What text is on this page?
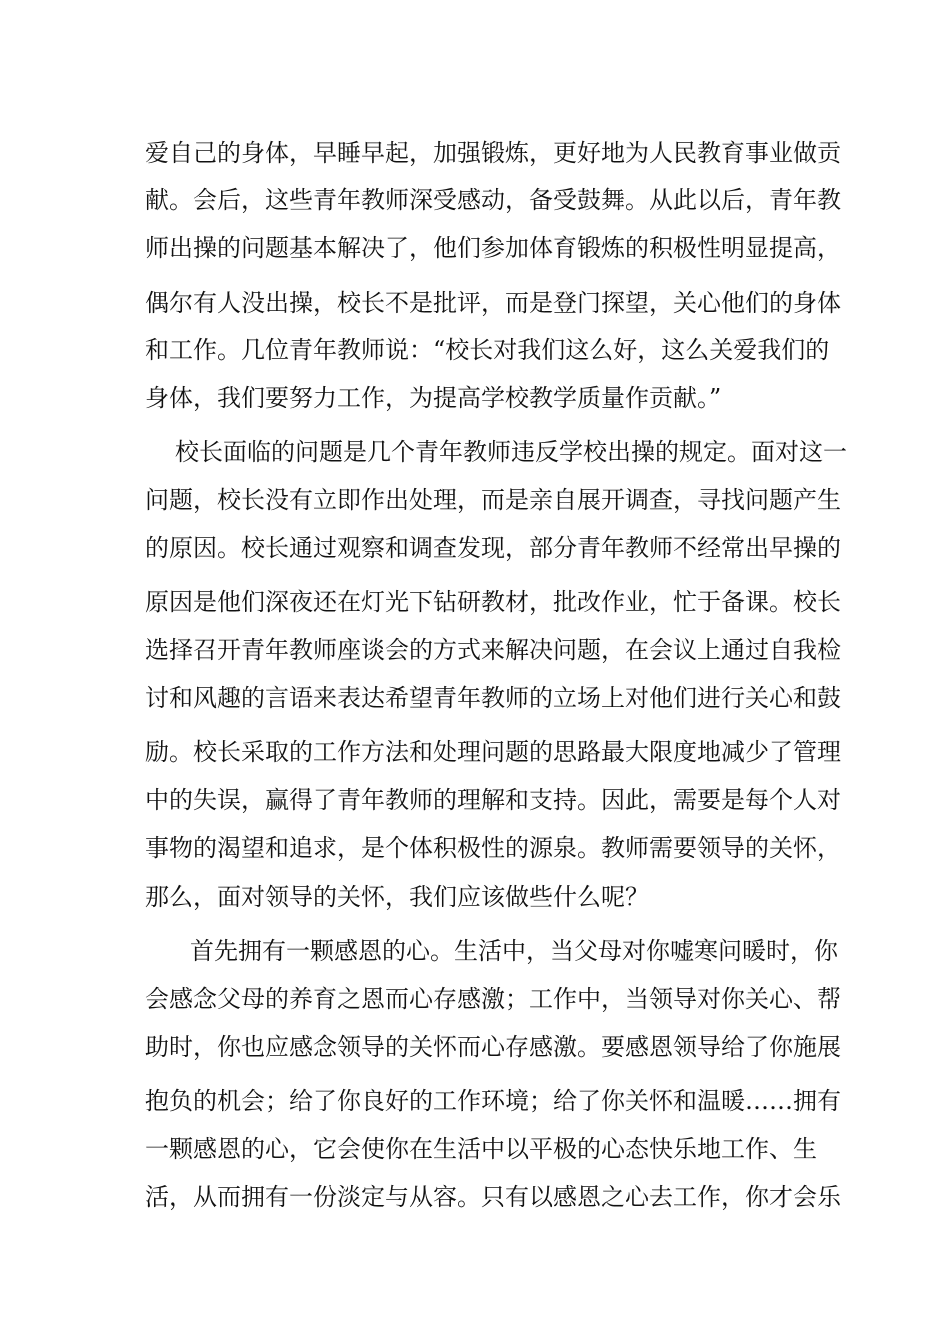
爱自己的身体，早睡早起，加强锻炼，更好地为人民教育事业做贡
献。会后，这些青年教师深受感动，备受鼓舞。从此以后，青年教
师出操的问题基本解决了，他们参加体育锻炼的积极性明显提高，
偶尔有人没出操，校长不是批评，而是登门探望，关心他们的身体
和工作。几位青年教师说：“校长对我们这么好，这么关爱我们的
身体，我们要努力工作，为提高学校教学质量作贡献。”
校长面临的问题是几个青年教师违反学校出操的规定。面对这一
问题，校长没有立即作出处理，而是亲自展开调查，寻找问题产生
的原因。校长通过观察和调查发现，部分青年教师不经常出早操的
原因是他们深夜还在灯光下钻研教材，批改作业，忙于备课。校长
选择召开青年教师座谈会的方式来解决问题，在会议上通过自我检
讨和风趣的言语来表达希望青年教师的立场上对他们进行关心和鼓
励。校长采取的工作方法和处理问题的思路最大限度地减少了管理
中的失误，赢得了青年教师的理解和支持。因此，需要是每个人对
事物的渴望和追求，是个体积极性的源泉。教师需要领导的关怀，
那么，面对领导的关怀，我们应该做些什么呢？
首先拥有一颗感恩的心。生活中，当父母对你嘘寒问暖时，你
会感念父母的养育之恩而心存感激；工作中，当领导对你关心、帮
助时，你也应感念领导的关怀而心存感激。要感恩领导给了你施展
抱负的机会；给了你良好的工作环境；给了你关怀和温暖……拥有
一颗感恩的心，它会使你在生活中以平极的心态快乐地工作、生
活，从而拥有一份淡定与从容。只有以感恩之心去工作，你才会乐
